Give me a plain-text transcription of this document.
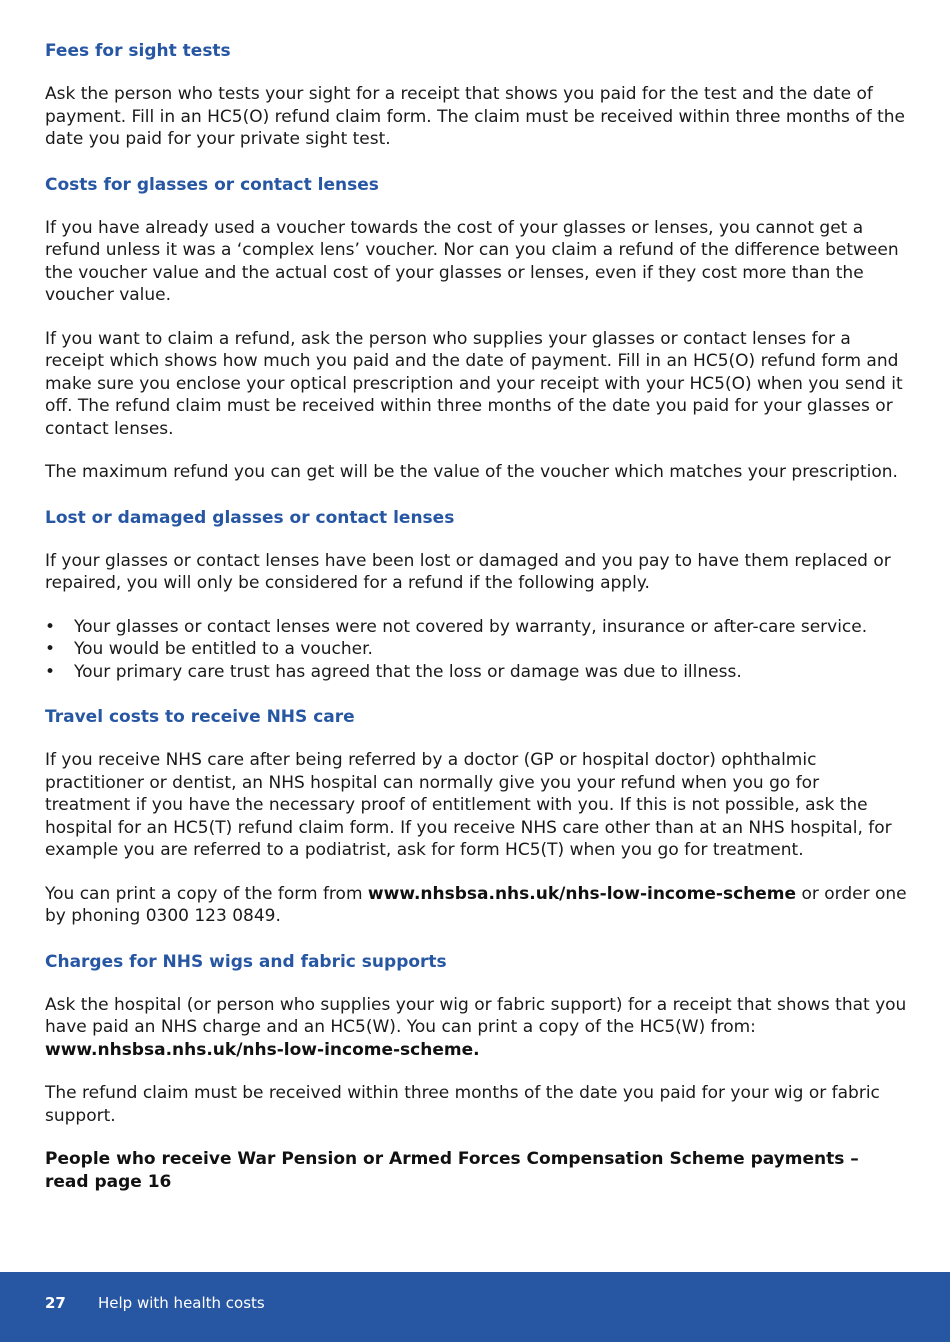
Fees for sight tests

Ask the person who tests your sight for a receipt that shows you paid for the test and the date of payment. Fill in an HC5(O) refund claim form. The claim must be received within three months of the date you paid for your private sight test.

Costs for glasses or contact lenses

If you have already used a voucher towards the cost of your glasses or lenses, you cannot get a refund unless it was a ‘complex lens’ voucher. Nor can you claim a refund of the difference between the voucher value and the actual cost of your glasses or lenses, even if they cost more than the voucher value.

If you want to claim a refund, ask the person who supplies your glasses or contact lenses for a receipt which shows how much you paid and the date of payment. Fill in an HC5(O) refund form and make sure you enclose your optical prescription and your receipt with your HC5(O) when you send it off. The refund claim must be received within three months of the date you paid for your glasses or contact lenses.

The maximum refund you can get will be the value of the voucher which matches your prescription.

Lost or damaged glasses or contact lenses

If your glasses or contact lenses have been lost or damaged and you pay to have them replaced or repaired, you will only be considered for a refund if the following apply.

• Your glasses or contact lenses were not covered by warranty, insurance or after-care service.
• You would be entitled to a voucher.
• Your primary care trust has agreed that the loss or damage was due to illness.
Travel costs to receive NHS care

If you receive NHS care after being referred by a doctor (GP or hospital doctor) ophthalmic practitioner or dentist, an NHS hospital can normally give you your refund when you go for treatment if you have the necessary proof of entitlement with you. If this is not possible, ask the hospital for an HC5(T) refund claim form. If you receive NHS care other than at an NHS hospital, for example you are referred to a podiatrist, ask for form HC5(T) when you go for treatment.

You can print a copy of the form from www.nhsbsa.nhs.uk/nhs-low-income-scheme or order one by phoning 0300 123 0849.

Charges for NHS wigs and fabric supports

Ask the hospital (or person who supplies your wig or fabric support) for a receipt that shows that you have paid an NHS charge and an HC5(W). You can print a copy of the HC5(W) from:
www.nhsbsa.nhs.uk/nhs-low-income-scheme.

The refund claim must be received within three months of the date you paid for your wig or fabric support.

People who receive War Pension or Armed Forces Compensation Scheme payments – read page 16

27 Help with health costs
